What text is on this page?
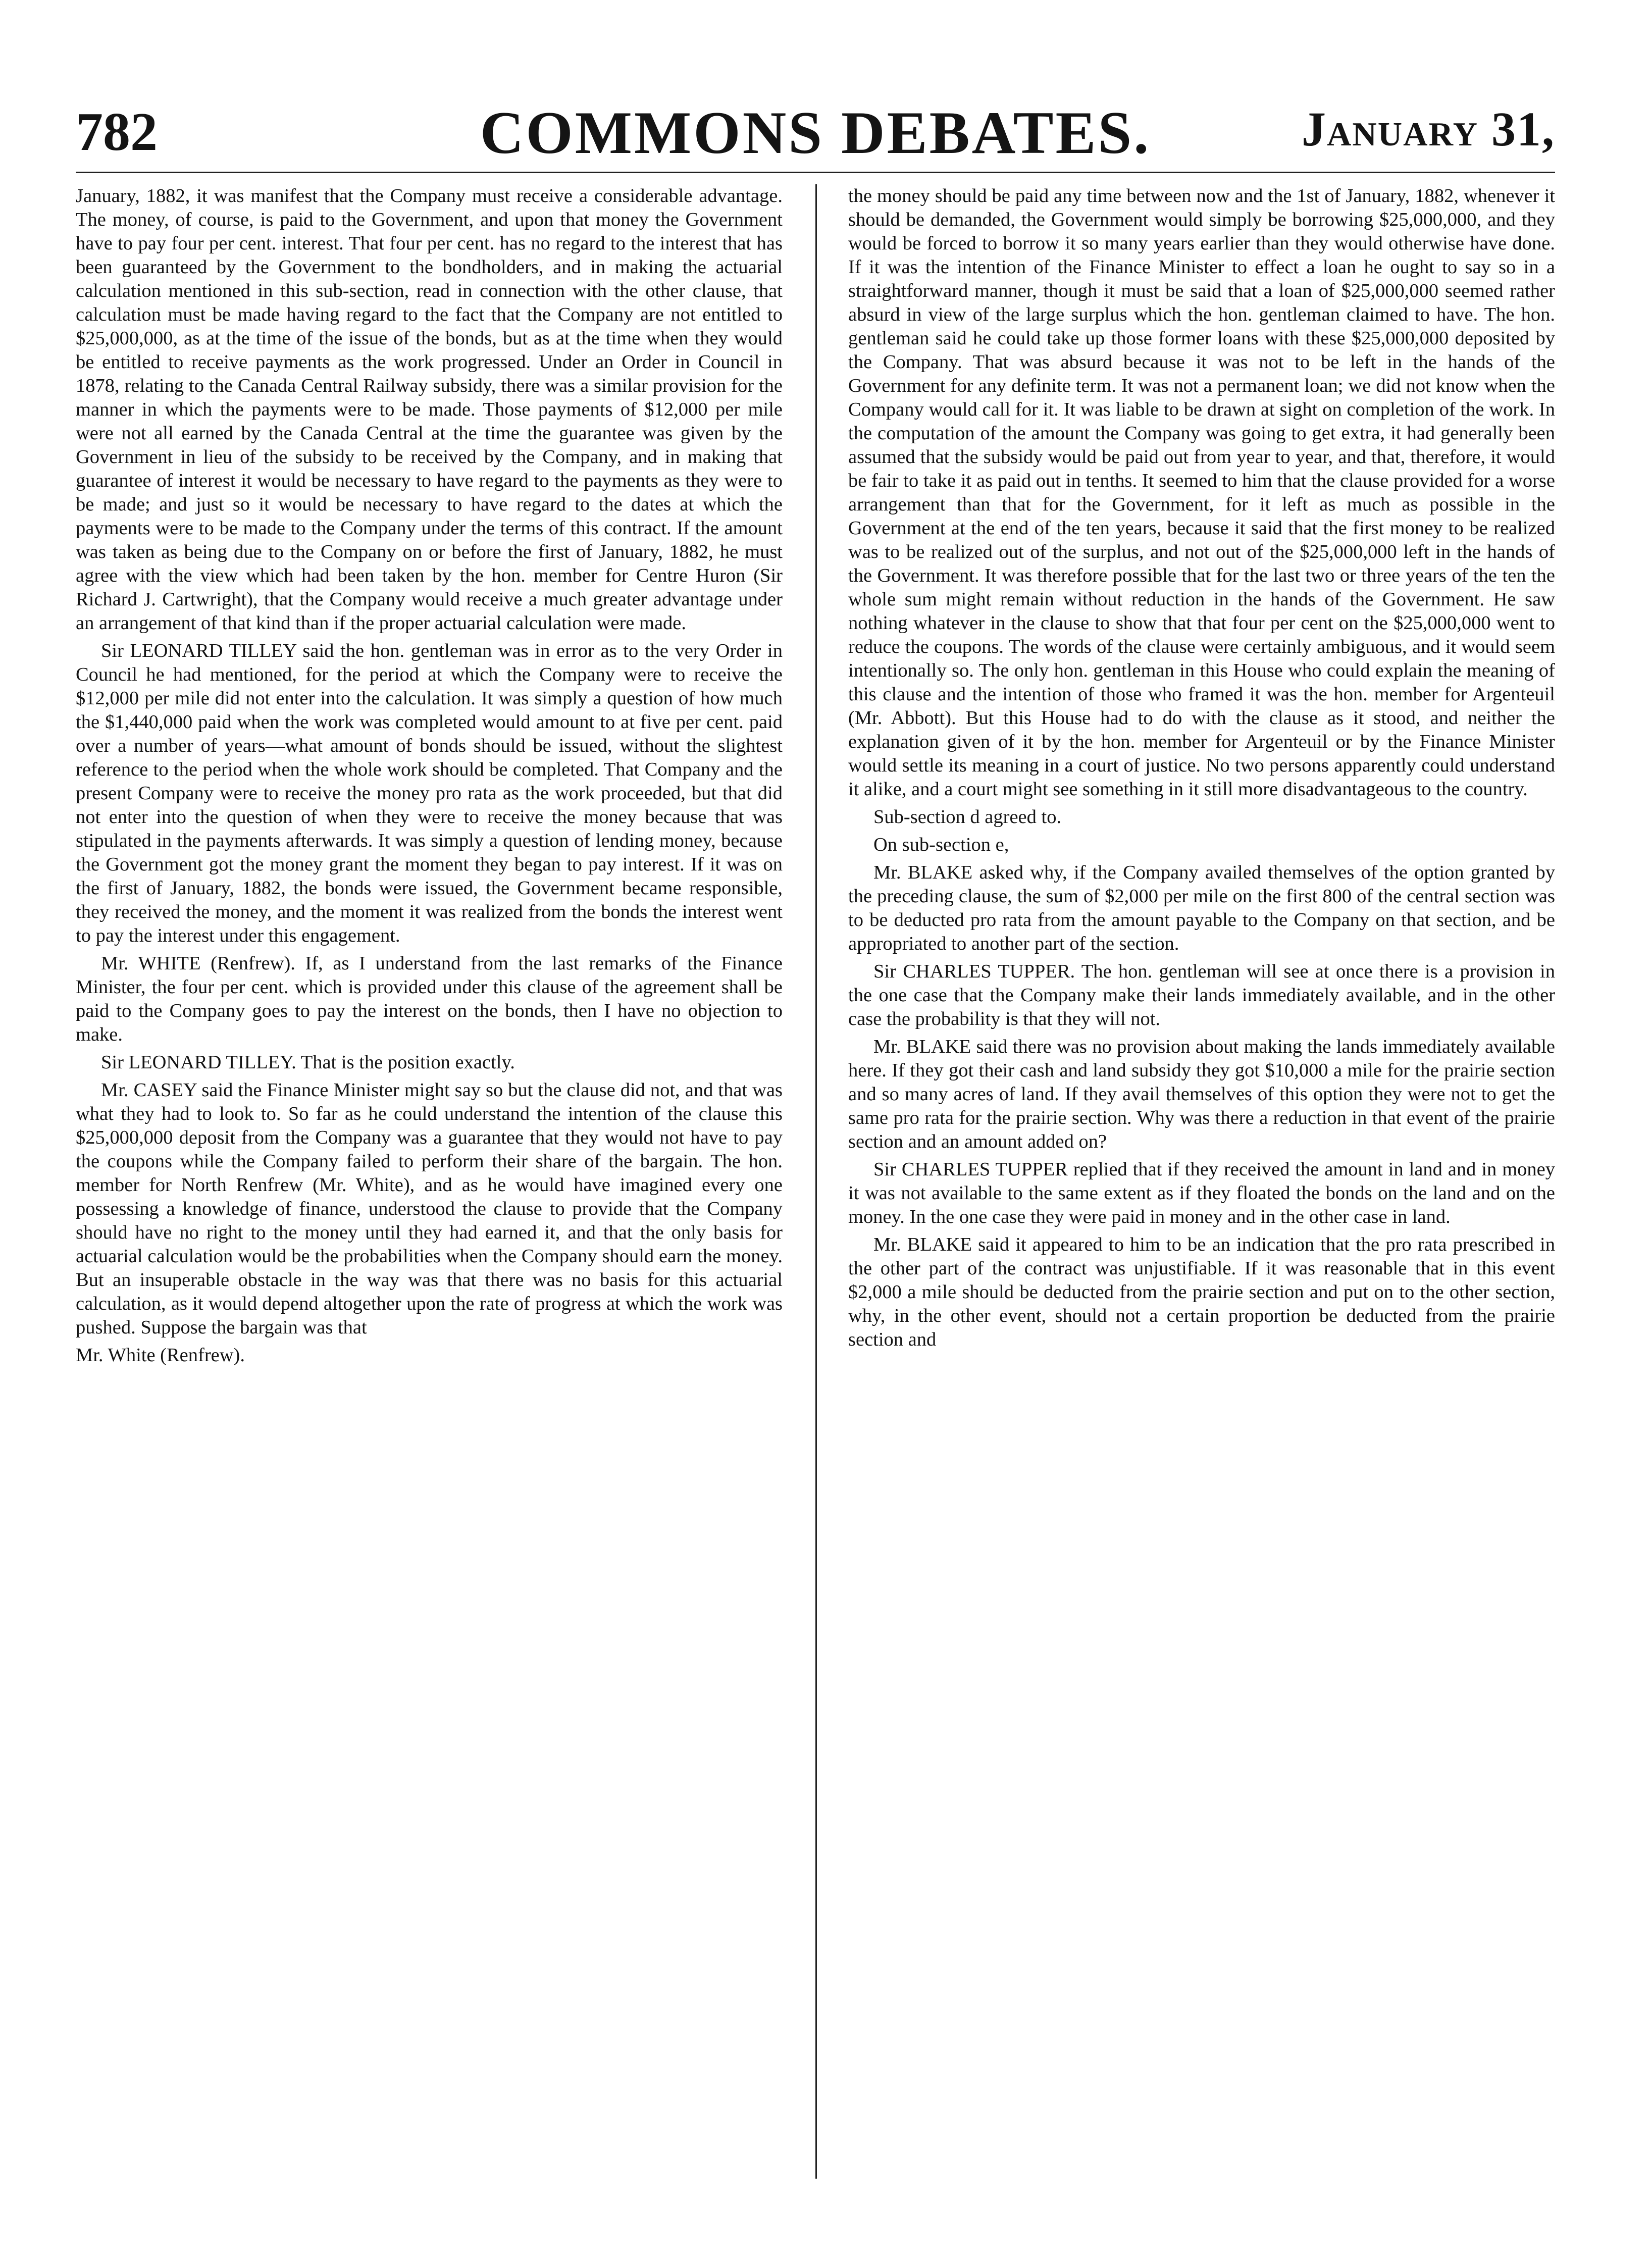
782	COMMONS DEBATES.	January 31,

January, 1882, it was manifest that the Company must receive a considerable advantage. The money, of course, is paid to the Government, and upon that money the Government have to pay four per cent. interest. That four per cent. has no regard to the interest that has been guaranteed by the Government to the bondholders, and in making the actuarial calculation mentioned in this sub-section, read in connection with the other clause, that calculation must be made having regard to the fact that the Company are not entitled to $25,000,000, as at the time of the issue of the bonds, but as at the time when they would be entitled to receive payments as the work progressed. Under an Order in Council in 1878, relating to the Canada Central Railway subsidy, there was a similar provision for the manner in which the payments were to be made. Those payments of $12,000 per mile were not all earned by the Canada Central at the time the guarantee was given by the Government in lieu of the subsidy to be received by the Company, and in making that guarantee of interest it would be necessary to have regard to the payments as they were to be made; and just so it would be necessary to have regard to the dates at which the payments were to be made to the Company under the terms of this contract. If the amount was taken as being due to the Company on or before the first of January, 1882, he must agree with the view which had been taken by the hon. member for Centre Huron (Sir Richard J. Cartwright), that the Company would receive a much greater advantage under an arrangement of that kind than if the proper actuarial calculation were made.

Sir LEONARD TILLEY said the hon. gentleman was in error as to the very Order in Council he had mentioned, for the period at which the Company were to receive the $12,000 per mile did not enter into the calculation. It was simply a question of how much the $1,440,000 paid when the work was completed would amount to at five per cent. paid over a number of years—what amount of bonds should be issued, without the slightest reference to the period when the whole work should be completed. That Company and the present Company were to receive the money pro rata as the work proceeded, but that did not enter into the question of when they were to receive the money because that was stipulated in the payments afterwards. It was simply a question of lending money, because the Government got the money grant the moment they began to pay interest. If it was on the first of January, 1882, the bonds were issued, the Government became responsible, they received the money, and the moment it was realized from the bonds the interest went to pay the interest under this engagement.

Mr. WHITE (Renfrew). If, as I understand from the last remarks of the Finance Minister, the four per cent. which is provided under this clause of the agreement shall be paid to the Company goes to pay the interest on the bonds, then I have no objection to make.

Sir LEONARD TILLEY. That is the position exactly.

Mr. CASEY said the Finance Minister might say so but the clause did not, and that was what they had to look to. So far as he could understand the intention of the clause this $25,000,000 deposit from the Company was a guarantee that they would not have to pay the coupons while the Company failed to perform their share of the bargain. The hon. member for North Renfrew (Mr. White), and as he would have imagined every one possessing a knowledge of finance, understood the clause to provide that the Company should have no right to the money until they had earned it, and that the only basis for actuarial calculation would be the probabilities when the Company should earn the money. But an insuperable obstacle in the way was that there was no basis for this actuarial calculation, as it would depend altogether upon the rate of progress at which the work was pushed. Suppose the bargain was that

Mr. White (Renfrew).

the money should be paid any time between now and the 1st of January, 1882, whenever it should be demanded, the Government would simply be borrowing $25,000,000, and they would be forced to borrow it so many years earlier than they would otherwise have done. If it was the intention of the Finance Minister to effect a loan he ought to say so in a straightforward manner, though it must be said that a loan of $25,000,000 seemed rather absurd in view of the large surplus which the hon. gentleman claimed to have. The hon. gentleman said he could take up those former loans with these $25,000,000 deposited by the Company. That was absurd because it was not to be left in the hands of the Government for any definite term. It was not a permanent loan; we did not know when the Company would call for it. It was liable to be drawn at sight on completion of the work. In the computation of the amount the Company was going to get extra, it had generally been assumed that the subsidy would be paid out from year to year, and that, therefore, it would be fair to take it as paid out in tenths. It seemed to him that the clause provided for a worse arrangement than that for the Government, for it left as much as possible in the Government at the end of the ten years, because it said that the first money to be realized was to be realized out of the surplus, and not out of the $25,000,000 left in the hands of the Government. It was therefore possible that for the last two or three years of the ten the whole sum might remain without reduction in the hands of the Government. He saw nothing whatever in the clause to show that that four per cent on the $25,000,000 went to reduce the coupons. The words of the clause were certainly ambiguous, and it would seem intentionally so. The only hon. gentleman in this House who could explain the meaning of this clause and the intention of those who framed it was the hon. member for Argenteuil (Mr. Abbott). But this House had to do with the clause as it stood, and neither the explanation given of it by the hon. member for Argenteuil or by the Finance Minister would settle its meaning in a court of justice. No two persons apparently could understand it alike, and a court might see something in it still more disadvantageous to the country.

Sub-section d agreed to.

On sub-section e,

Mr. BLAKE asked why, if the Company availed themselves of the option granted by the preceding clause, the sum of $2,000 per mile on the first 800 of the central section was to be deducted pro rata from the amount payable to the Company on that section, and be appropriated to another part of the section.

Sir CHARLES TUPPER. The hon. gentleman will see at once there is a provision in the one case that the Company make their lands immediately available, and in the other case the probability is that they will not.

Mr. BLAKE said there was no provision about making the lands immediately available here. If they got their cash and land subsidy they got $10,000 a mile for the prairie section and so many acres of land. If they avail themselves of this option they were not to get the same pro rata for the prairie section. Why was there a reduction in that event of the prairie section and an amount added on?

Sir CHARLES TUPPER replied that if they received the amount in land and in money it was not available to the same extent as if they floated the bonds on the land and on the money. In the one case they were paid in money and in the other case in land.

Mr. BLAKE said it appeared to him to be an indication that the pro rata prescribed in the other part of the contract was unjustifiable. If it was reasonable that in this event $2,000 a mile should be deducted from the prairie section and put on to the other section, why, in the other event, should not a certain proportion be deducted from the prairie section and
